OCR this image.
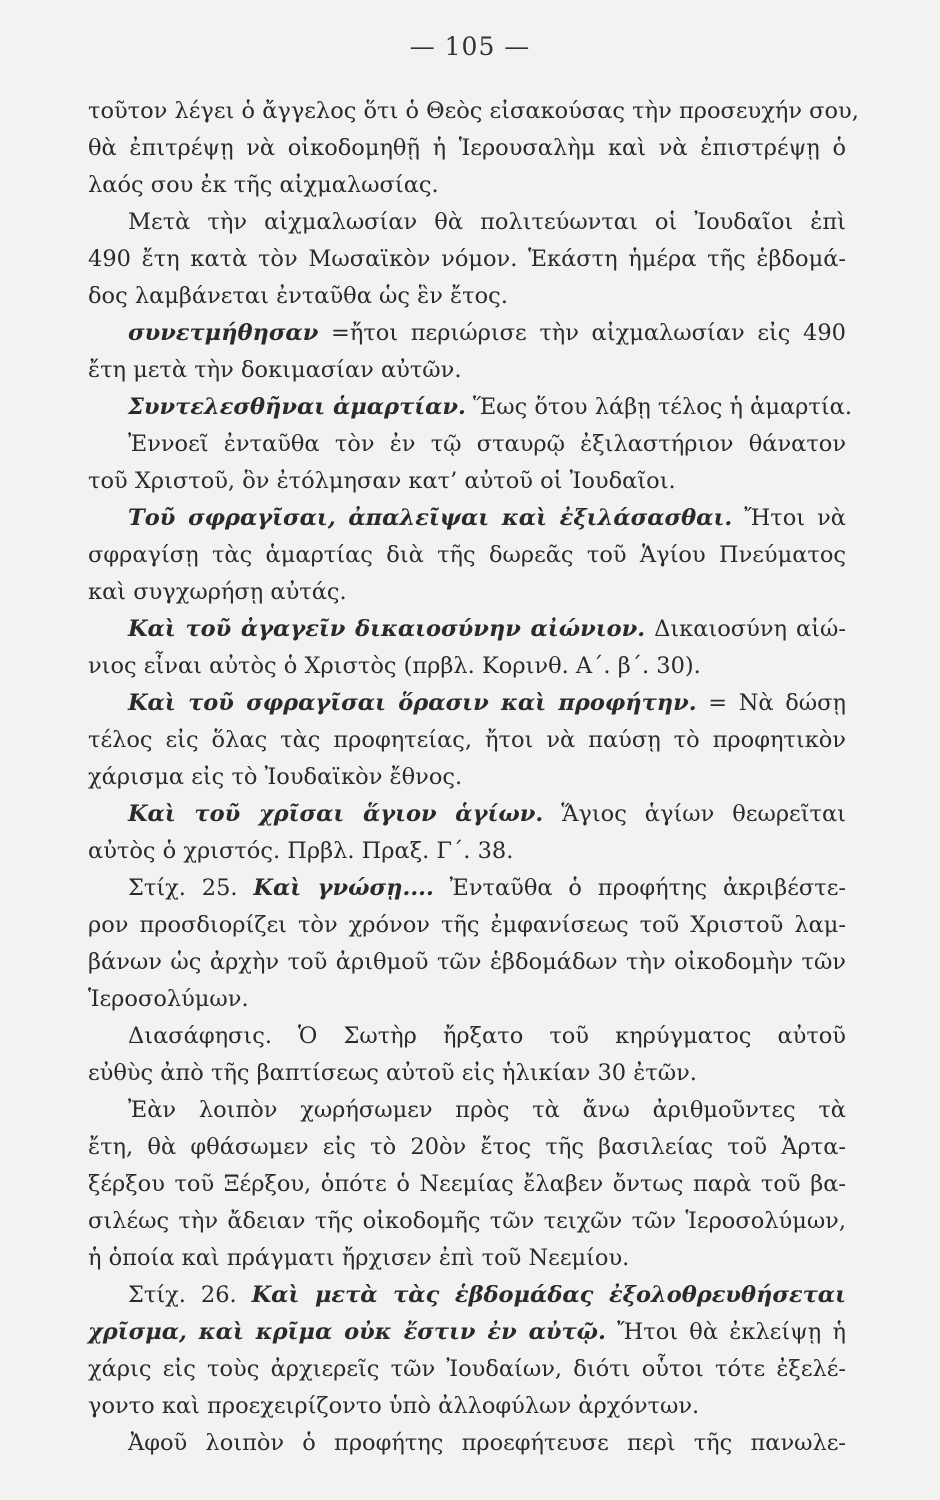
— 105 —
τοῦτον λέγει ὁ ἄγγελος ὅτι ὁ Θεὸς εἰσακούσας τὴν προσευχήν σου,
θὰ ἐπιτρέψῃ νὰ οἰκοδομηθῇ ἡ Ἱερουσαλὴμ καὶ νὰ ἐπιστρέψῃ ὁ
λαός σου ἐκ τῆς αἰχμαλωσίας.
Μετὰ τὴν αἰχμαλωσίαν θὰ πολιτεύωνται οἱ Ἰουδαῖοι ἐπὶ
490 ἔτη κατὰ τὸν Μωσαϊκὸν νόμον. Ἑκάστη ἡμέρα τῆς ἑβδομά-
δος λαμβάνεται ἐνταῦθα ὡς ἓν ἔτος.
συνετμήθησαν =ἤτοι περιώρισε τὴν αἰχμαλωσίαν εἰς 490
ἔτη μετὰ τὴν δοκιμασίαν αὐτῶν.
Συντελεσθῆναι ἁμαρτίαν. Ἕως ὅτου λάβῃ τέλος ἡ ἁμαρτία.
Ἐννοεῖ ἐνταῦθα τὸν ἐν τῷ σταυρῷ ἐξιλαστήριον θάνατον
τοῦ Χριστοῦ, ὃν ἐτόλμησαν κατ’ αὐτοῦ οἱ Ἰουδαῖοι.
Τοῦ σφραγῖσαι, ἀπαλεῖψαι καὶ ἐξιλάσασθαι. Ἤτοι νὰ
σφραγίσῃ τὰς ἁμαρτίας διὰ τῆς δωρεᾶς τοῦ Ἁγίου Πνεύματος
καὶ συγχωρήσῃ αὐτάς.
Καὶ τοῦ ἀγαγεῖν δικαιοσύνην αἰώνιον. Δικαιοσύνη αἰώ-
νιος εἶναι αὐτὸς ὁ Χριστὸς (πρβλ. Κορινθ. Α΄. β΄. 30).
Καὶ τοῦ σφραγῖσαι ὅρασιν καὶ προφήτην. = Νὰ δώσῃ
τέλος εἰς ὅλας τὰς προφητείας, ἤτοι νὰ παύσῃ τὸ προφητικὸν
χάρισμα εἰς τὸ Ἰουδαϊκὸν ἔθνος.
Καὶ τοῦ χρῖσαι ἅγιον ἁγίων. Ἅγιος ἁγίων θεωρεῖται
αὐτὸς ὁ χριστός. Πρβλ. Πραξ. Γ΄. 38.
Στίχ. 25. Καὶ γνώσῃ.... Ἐνταῦθα ὁ προφήτης ἀκριβέστε-
ρον προσδιορίζει τὸν χρόνον τῆς ἐμφανίσεως τοῦ Χριστοῦ λαμ-
βάνων ὡς ἀρχὴν τοῦ ἀριθμοῦ τῶν ἑβδομάδων τὴν οἰκοδομὴν τῶν
Ἱεροσολύμων.
Διασάφησις. Ὁ Σωτὴρ ἤρξατο τοῦ κηρύγματος αὐτοῦ
εὐθὺς ἀπὸ τῆς βαπτίσεως αὐτοῦ εἰς ἡλικίαν 30 ἐτῶν.
Ἐὰν λοιπὸν χωρήσωμεν πρὸς τὰ ἄνω ἀριθμοῦντες τὰ
ἔτη, θὰ φθάσωμεν εἰς τὸ 20ὸν ἔτος τῆς βασιλείας τοῦ Ἀρτα-
ξέρξου τοῦ Ξέρξου, ὁπότε ὁ Νεεμίας ἔλαβεν ὄντως παρὰ τοῦ βα-
σιλέως τὴν ἄδειαν τῆς οἰκοδομῆς τῶν τειχῶν τῶν Ἱεροσολύμων,
ἡ ὁποία καὶ πράγματι ἤρχισεν ἐπὶ τοῦ Νεεμίου.
Στίχ. 26. Καὶ μετὰ τὰς ἑβδομάδας ἐξολοθρευθήσεται
χρῖσμα, καὶ κρῖμα οὐκ ἔστιν ἐν αὐτῷ. Ἤτοι θὰ ἐκλείψῃ ἡ
χάρις εἰς τοὺς ἀρχιερεῖς τῶν Ἰουδαίων, διότι οὗτοι τότε ἐξελέ-
γοντο καὶ προεχειρίζοντο ὑπὸ ἀλλοφύλων ἀρχόντων.
Ἀφοῦ λοιπὸν ὁ προφήτης προεφήτευσε περὶ τῆς πανωλε-
